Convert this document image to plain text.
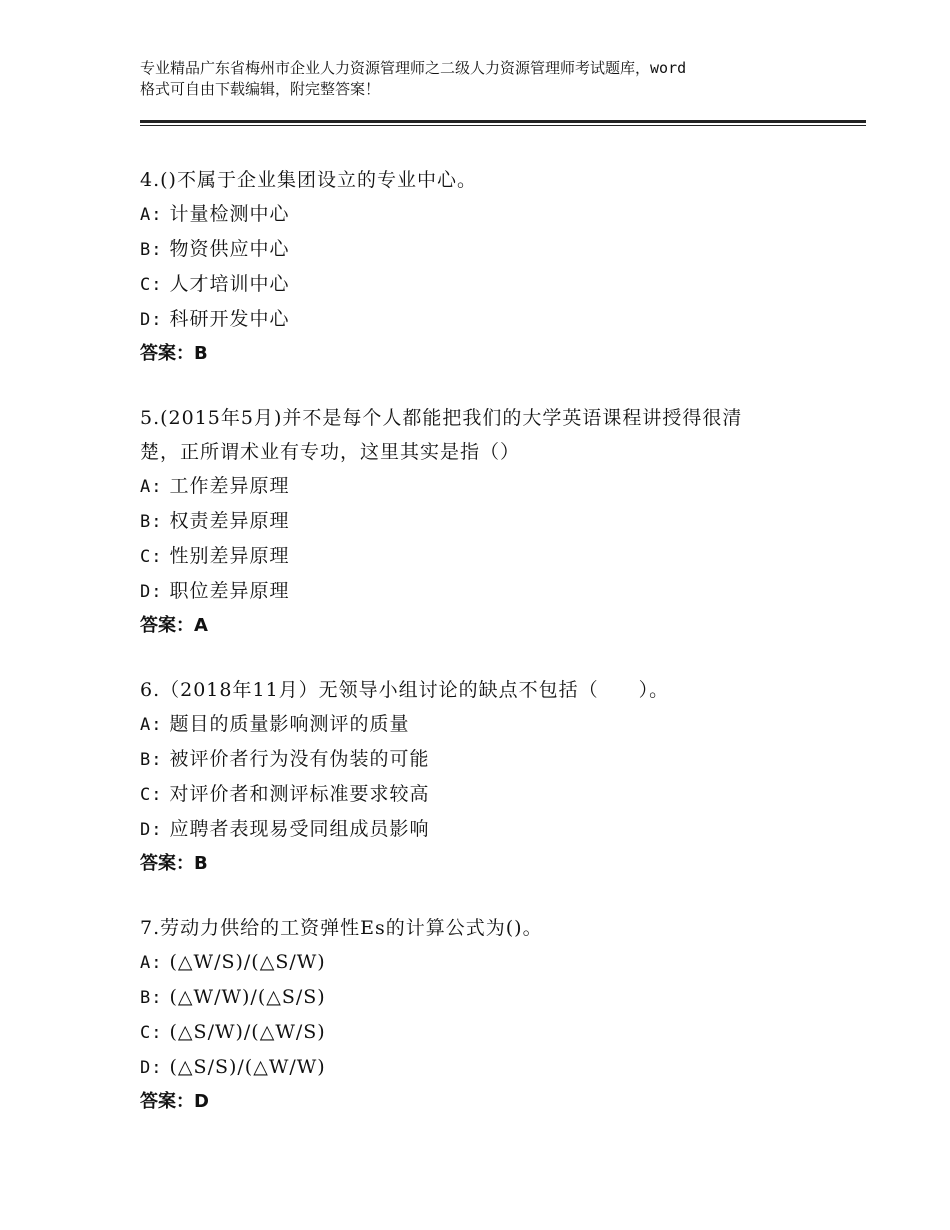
专业精品广东省梅州市企业人力资源管理师之二级人力资源管理师考试题库，word
格式可自由下载编辑，附完整答案！

4.()不属于企业集团设立的专业中心。

A: 计量检测中心

B: 物资供应中心

C: 人才培训中心

D: 科研开发中心

答案：B

5.(2015年5月)并不是每个人都能把我们的大学英语课程讲授得很清

楚，正所谓术业有专功，这里其实是指（）

A: 工作差异原理

B: 权责差异原理

C: 性别差异原理

D: 职位差异原理

答案：A

6.（2018年11月）无领导小组讨论的缺点不包括（　　）。

A: 题目的质量影响测评的质量

B: 被评价者行为没有伪装的可能

C: 对评价者和测评标准要求较高

D: 应聘者表现易受同组成员影响

答案：B

7.劳动力供给的工资弹性Es的计算公式为()。

A: (△W/S)/(△S/W)

B: (△W/W)/(△S/S)

C: (△S/W)/(△W/S)

D: (△S/S)/(△W/W)

答案：D
